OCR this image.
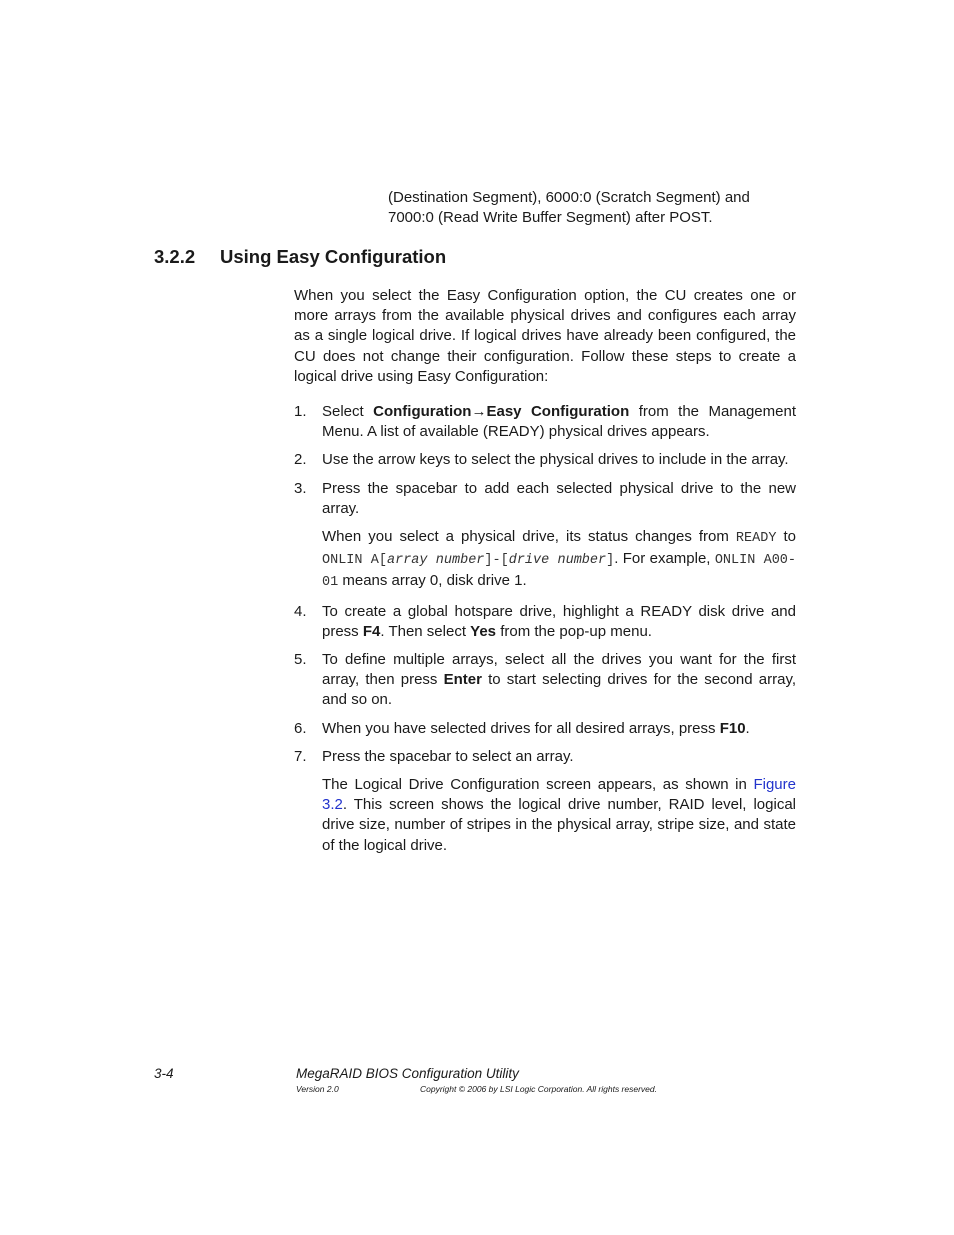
(Destination Segment), 6000:0 (Scratch Segment) and
7000:0 (Read Write Buffer Segment) after POST.
3.2.2 Using Easy Configuration
When you select the Easy Configuration option, the CU creates one or more arrays from the available physical drives and configures each array as a single logical drive. If logical drives have already been configured, the CU does not change their configuration. Follow these steps to create a logical drive using Easy Configuration:
1. Select Configuration→Easy Configuration from the Management Menu. A list of available (READY) physical drives appears.
2. Use the arrow keys to select the physical drives to include in the array.
3. Press the spacebar to add each selected physical drive to the new array.
When you select a physical drive, its status changes from READY to ONLIN A[array number]-[drive number]. For example, ONLIN A00-01 means array 0, disk drive 1.
4. To create a global hotspare drive, highlight a READY disk drive and press F4. Then select Yes from the pop-up menu.
5. To define multiple arrays, select all the drives you want for the first array, then press Enter to start selecting drives for the second array, and so on.
6. When you have selected drives for all desired arrays, press F10.
7. Press the spacebar to select an array.
The Logical Drive Configuration screen appears, as shown in Figure 3.2. This screen shows the logical drive number, RAID level, logical drive size, number of stripes in the physical array, stripe size, and state of the logical drive.
3-4	MegaRAID BIOS Configuration Utility
Version 2.0	Copyright © 2006 by LSI Logic Corporation. All rights reserved.
